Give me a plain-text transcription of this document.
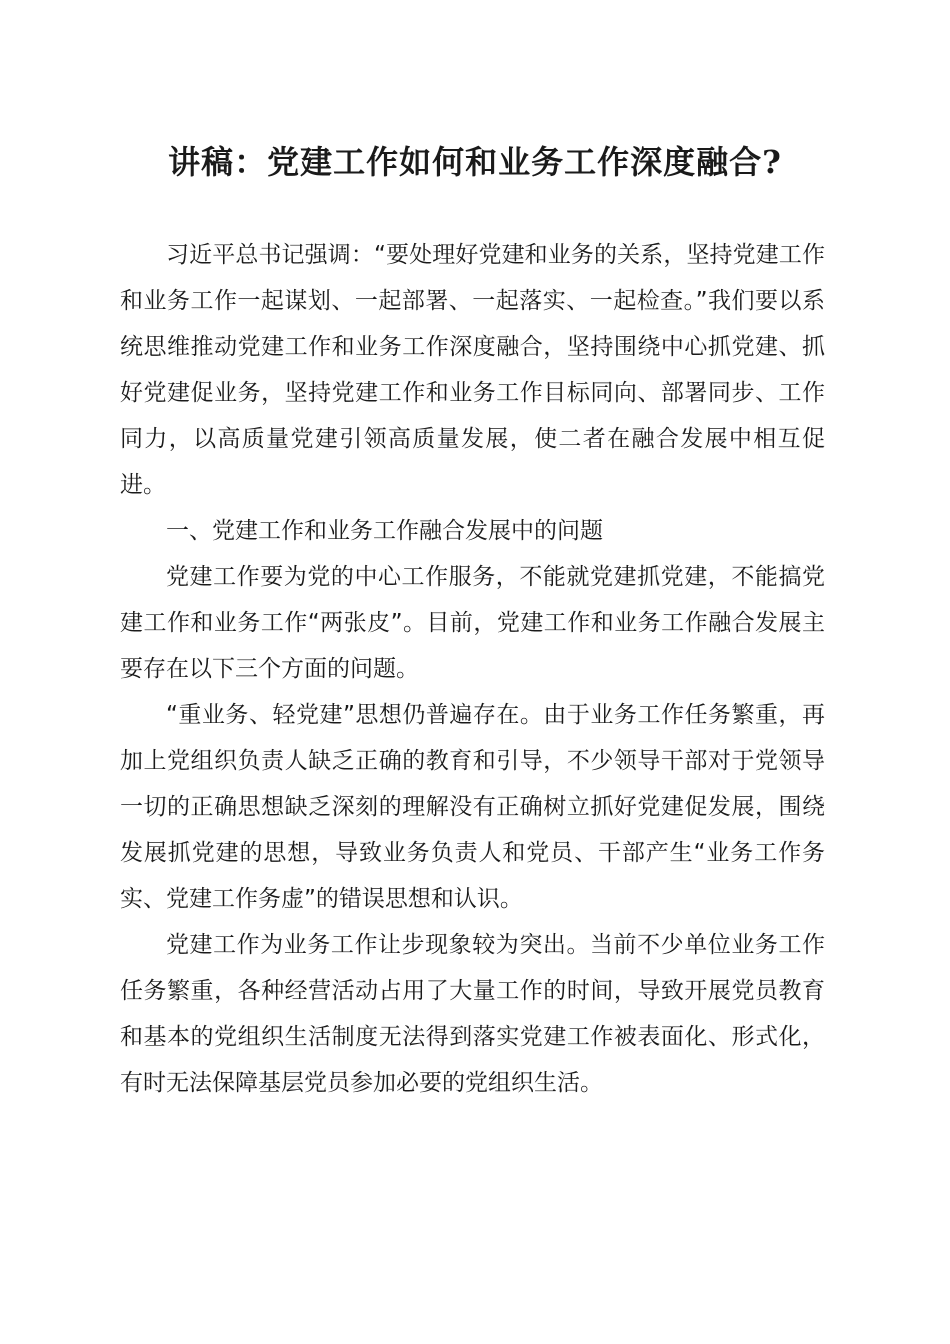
讲稿：党建工作如何和业务工作深度融合?

习近平总书记强调：“要处理好党建和业务的关系，坚持党建工作和业务工作一起谋划、一起部署、一起落实、一起检查。”我们要以系统思维推动党建工作和业务工作深度融合，坚持围绕中心抓党建、抓好党建促业务，坚持党建工作和业务工作目标同向、部署同步、工作同力，以高质量党建引领高质量发展，使二者在融合发展中相互促进。

一、党建工作和业务工作融合发展中的问题

党建工作要为党的中心工作服务，不能就党建抓党建，不能搞党建工作和业务工作“两张皮”。目前，党建工作和业务工作融合发展主要存在以下三个方面的问题。

“重业务、轻党建”思想仍普遍存在。由于业务工作任务繁重，再加上党组织负责人缺乏正确的教育和引导，不少领导干部对于党领导一切的正确思想缺乏深刻的理解没有正确树立抓好党建促发展，围绕发展抓党建的思想，导致业务负责人和党员、干部产生“业务工作务实、党建工作务虚”的错误思想和认识。

党建工作为业务工作让步现象较为突出。当前不少单位业务工作任务繁重，各种经营活动占用了大量工作的时间，导致开展党员教育和基本的党组织生活制度无法得到落实党建工作被表面化、形式化，有时无法保障基层党员参加必要的党组织生活。
